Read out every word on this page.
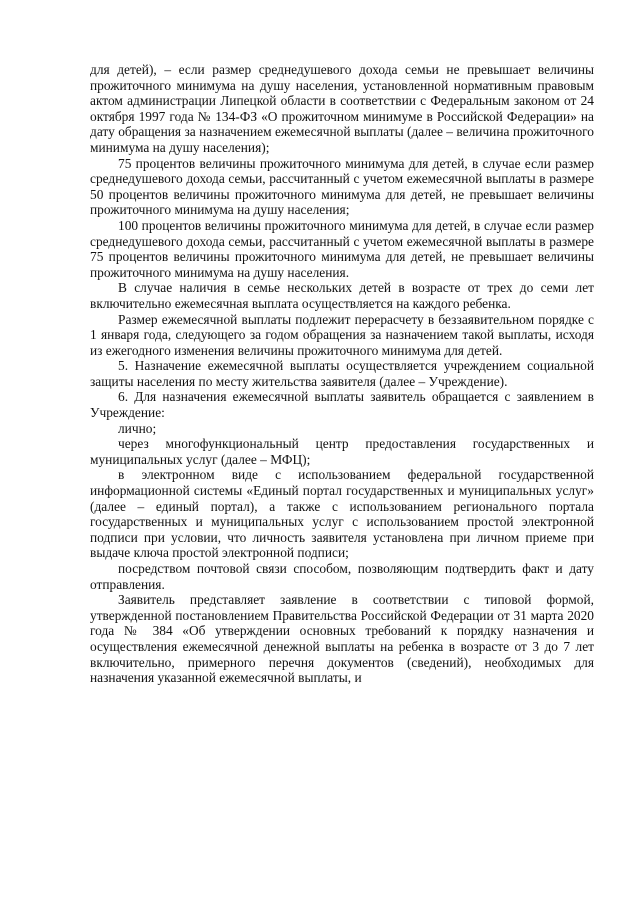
для детей), – если размер среднедушевого дохода семьи не превышает величины прожиточного минимума на душу населения, установленной нормативным правовым актом администрации Липецкой области в соответствии с Федеральным законом от 24 октября 1997 года № 134-ФЗ «О прожиточном минимуме в Российской Федерации» на дату обращения за назначением ежемесячной выплаты (далее – величина прожиточного минимума на душу населения);

75 процентов величины прожиточного минимума для детей, в случае если размер среднедушевого дохода семьи, рассчитанный с учетом ежемесячной выплаты в размере 50 процентов величины прожиточного минимума для детей, не превышает величины прожиточного минимума на душу населения;

100 процентов величины прожиточного минимума для детей, в случае если размер среднедушевого дохода семьи, рассчитанный с учетом ежемесячной выплаты в размере 75 процентов величины прожиточного минимума для детей, не превышает величины прожиточного минимума на душу населения.

В случае наличия в семье нескольких детей в возрасте от трех до семи лет включительно ежемесячная выплата осуществляется на каждого ребенка.

Размер ежемесячной выплаты подлежит перерасчету в беззаявительном порядке с 1 января года, следующего за годом обращения за назначением такой выплаты, исходя из ежегодного изменения величины прожиточного минимума для детей.

5. Назначение ежемесячной выплаты осуществляется учреждением социальной защиты населения по месту жительства заявителя (далее – Учреждение).

6. Для назначения ежемесячной выплаты заявитель обращается с заявлением в Учреждение:

лично;

через многофункциональный центр предоставления государственных и муниципальных услуг (далее – МФЦ);

в электронном виде с использованием федеральной государственной информационной системы «Единый портал государственных и муниципальных услуг» (далее – единый портал), а также с использованием регионального портала государственных и муниципальных услуг с использованием простой электронной подписи при условии, что личность заявителя установлена при личном приеме при выдаче ключа простой электронной подписи;

посредством почтовой связи способом, позволяющим подтвердить факт и дату отправления.

Заявитель представляет заявление в соответствии с типовой формой, утвержденной постановлением Правительства Российской Федерации от 31 марта 2020 года № 384 «Об утверждении основных требований к порядку назначения и осуществления ежемесячной денежной выплаты на ребенка в возрасте от 3 до 7 лет включительно, примерного перечня документов (сведений), необходимых для назначения указанной ежемесячной выплаты, и
